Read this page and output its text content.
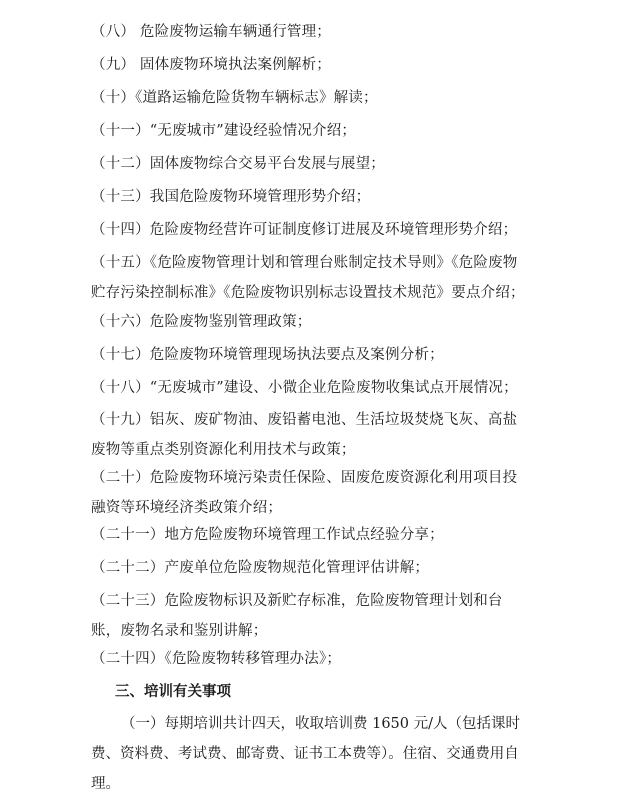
（八） 危险废物运输车辆通行管理；
（九） 固体废物环境执法案例解析；
（十）《道路运输危险货物车辆标志》解读；
（十一）“无废城市”建设经验情况介绍；
（十二）固体废物综合交易平台发展与展望；
（十三）我国危险废物环境管理形势介绍；
（十四）危险废物经营许可证制度修订进展及环境管理形势介绍；
（十五）《危险废物管理计划和管理台账制定技术导则》《危险废物贮存污染控制标准》《危险废物识别标志设置技术规范》要点介绍；
（十六）危险废物鉴别管理政策；
（十七）危险废物环境管理现场执法要点及案例分析；
（十八）“无废城市”建设、小微企业危险废物收集试点开展情况；
（十九）铝灰、废矿物油、废铅蓄电池、生活垃圾焚烧飞灰、高盐废物等重点类别资源化利用技术与政策；
（二十）危险废物环境污染责任保险、固废危废资源化利用项目投融资等环境经济类政策介绍；
（二十一）地方危险废物环境管理工作试点经验分享；
（二十二）产废单位危险废物规范化管理评估讲解；
（二十三）危险废物标识及新贮存标准，危险废物管理计划和台账，废物名录和鉴别讲解；
（二十四）《危险废物转移管理办法》；
三、培训有关事项
（一）每期培训共计四天，收取培训费 1650 元/人（包括课时费、资料费、考试费、邮寄费、证书工本费等）。住宿、交通费用自理。
